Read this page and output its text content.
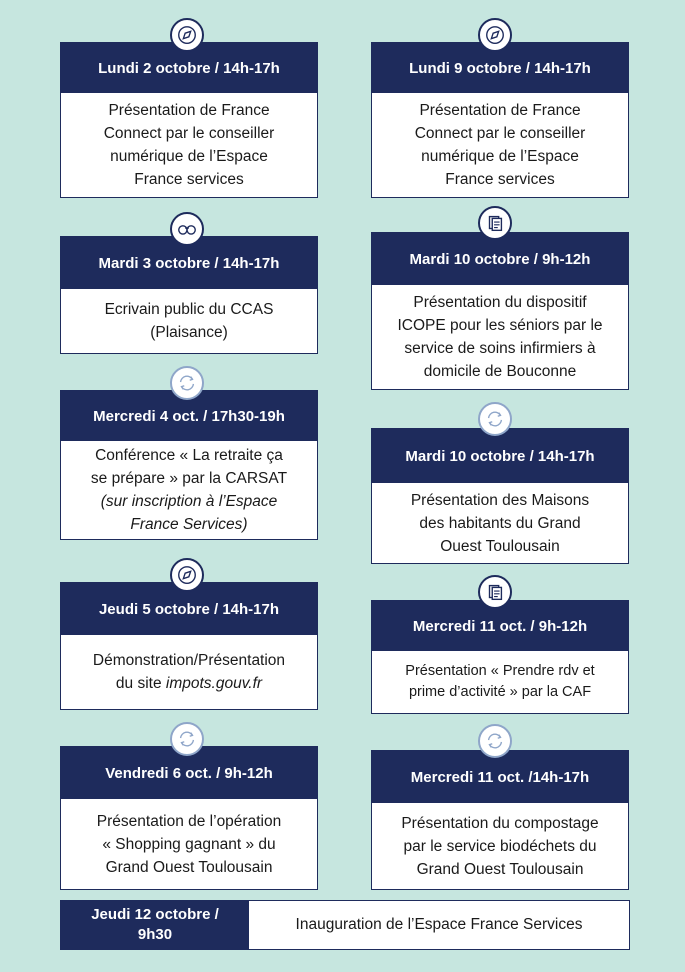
Lundi 2 octobre / 14h-17h
Présentation de France
Connect par le conseiller
numérique de l’Espace
France services
Mardi 3 octobre / 14h-17h
Ecrivain public du CCAS
(Plaisance)
Mercredi 4 oct. / 17h30-19h
Conférence « La retraite ça
se prépare » par la CARSAT
(sur inscription à l’Espace
France Services)
Jeudi 5 octobre / 14h-17h
Démonstration/Présentation
du site impots.gouv.fr
Vendredi 6 oct. / 9h-12h
Présentation de l’opération
« Shopping gagnant » du
Grand Ouest Toulousain
Lundi 9 octobre / 14h-17h
Présentation de France
Connect par le conseiller
numérique de l’Espace
France services
Mardi 10 octobre / 9h-12h
Présentation du dispositif
ICOPE pour les séniors par le
service de soins infirmiers à
domicile de Bouconne
Mardi 10 octobre / 14h-17h
Présentation des Maisons
des habitants du Grand
Ouest Toulousain
Mercredi 11 oct. / 9h-12h
Présentation « Prendre rdv et
prime d’activité » par la CAF
Mercredi 11 oct. /14h-17h
Présentation du compostage
par le service biodéchets du
Grand Ouest Toulousain
Jeudi 12 octobre /
9h30
Inauguration de l’Espace France Services
